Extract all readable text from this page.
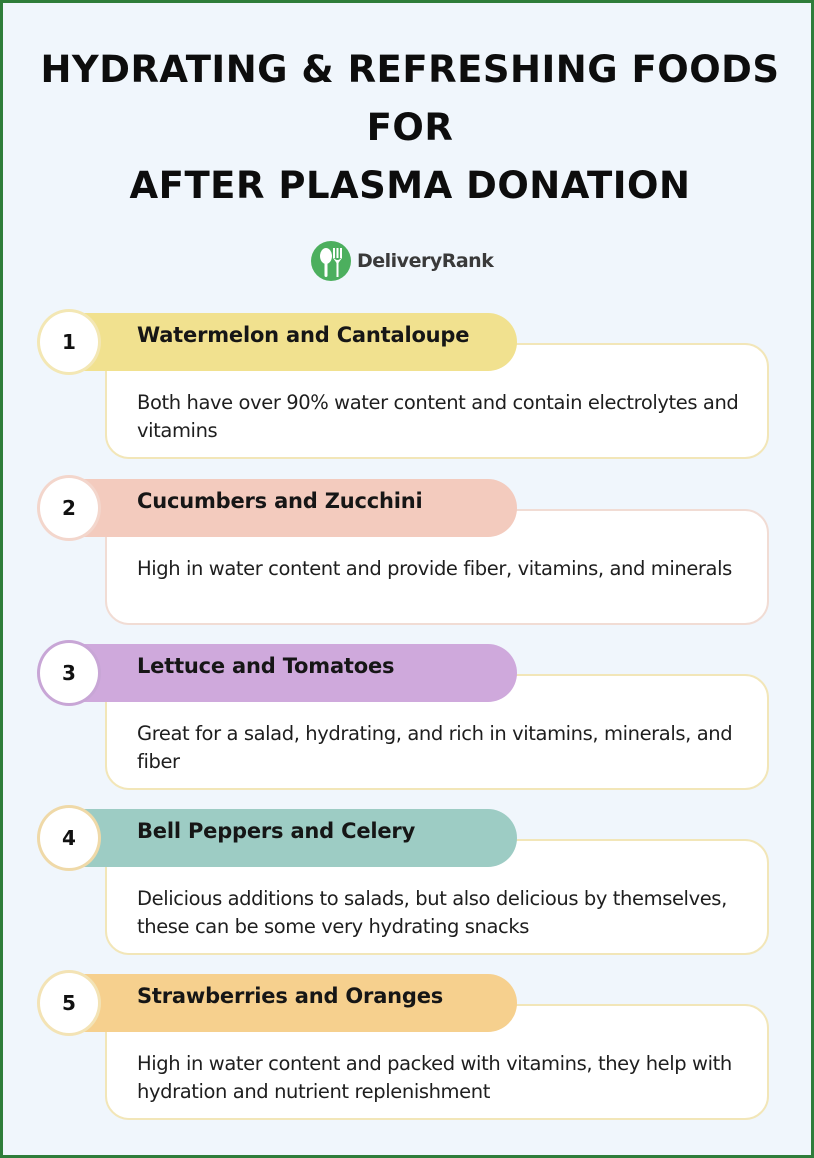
HYDRATING & REFRESHING FOODS
FOR
AFTER PLASMA DONATION
DeliveryRank
1	Watermelon and Cantaloupe
Both have over 90% water content and contain electrolytes and vitamins
2	Cucumbers and Zucchini
High in water content and provide fiber, vitamins, and minerals
3	Lettuce and Tomatoes
Great for a salad, hydrating, and rich in vitamins, minerals, and fiber
4	Bell Peppers and Celery
Delicious additions to salads, but also delicious by themselves, these can be some very hydrating snacks
5	Strawberries and Oranges
High in water content and packed with vitamins, they help with hydration and nutrient replenishment
